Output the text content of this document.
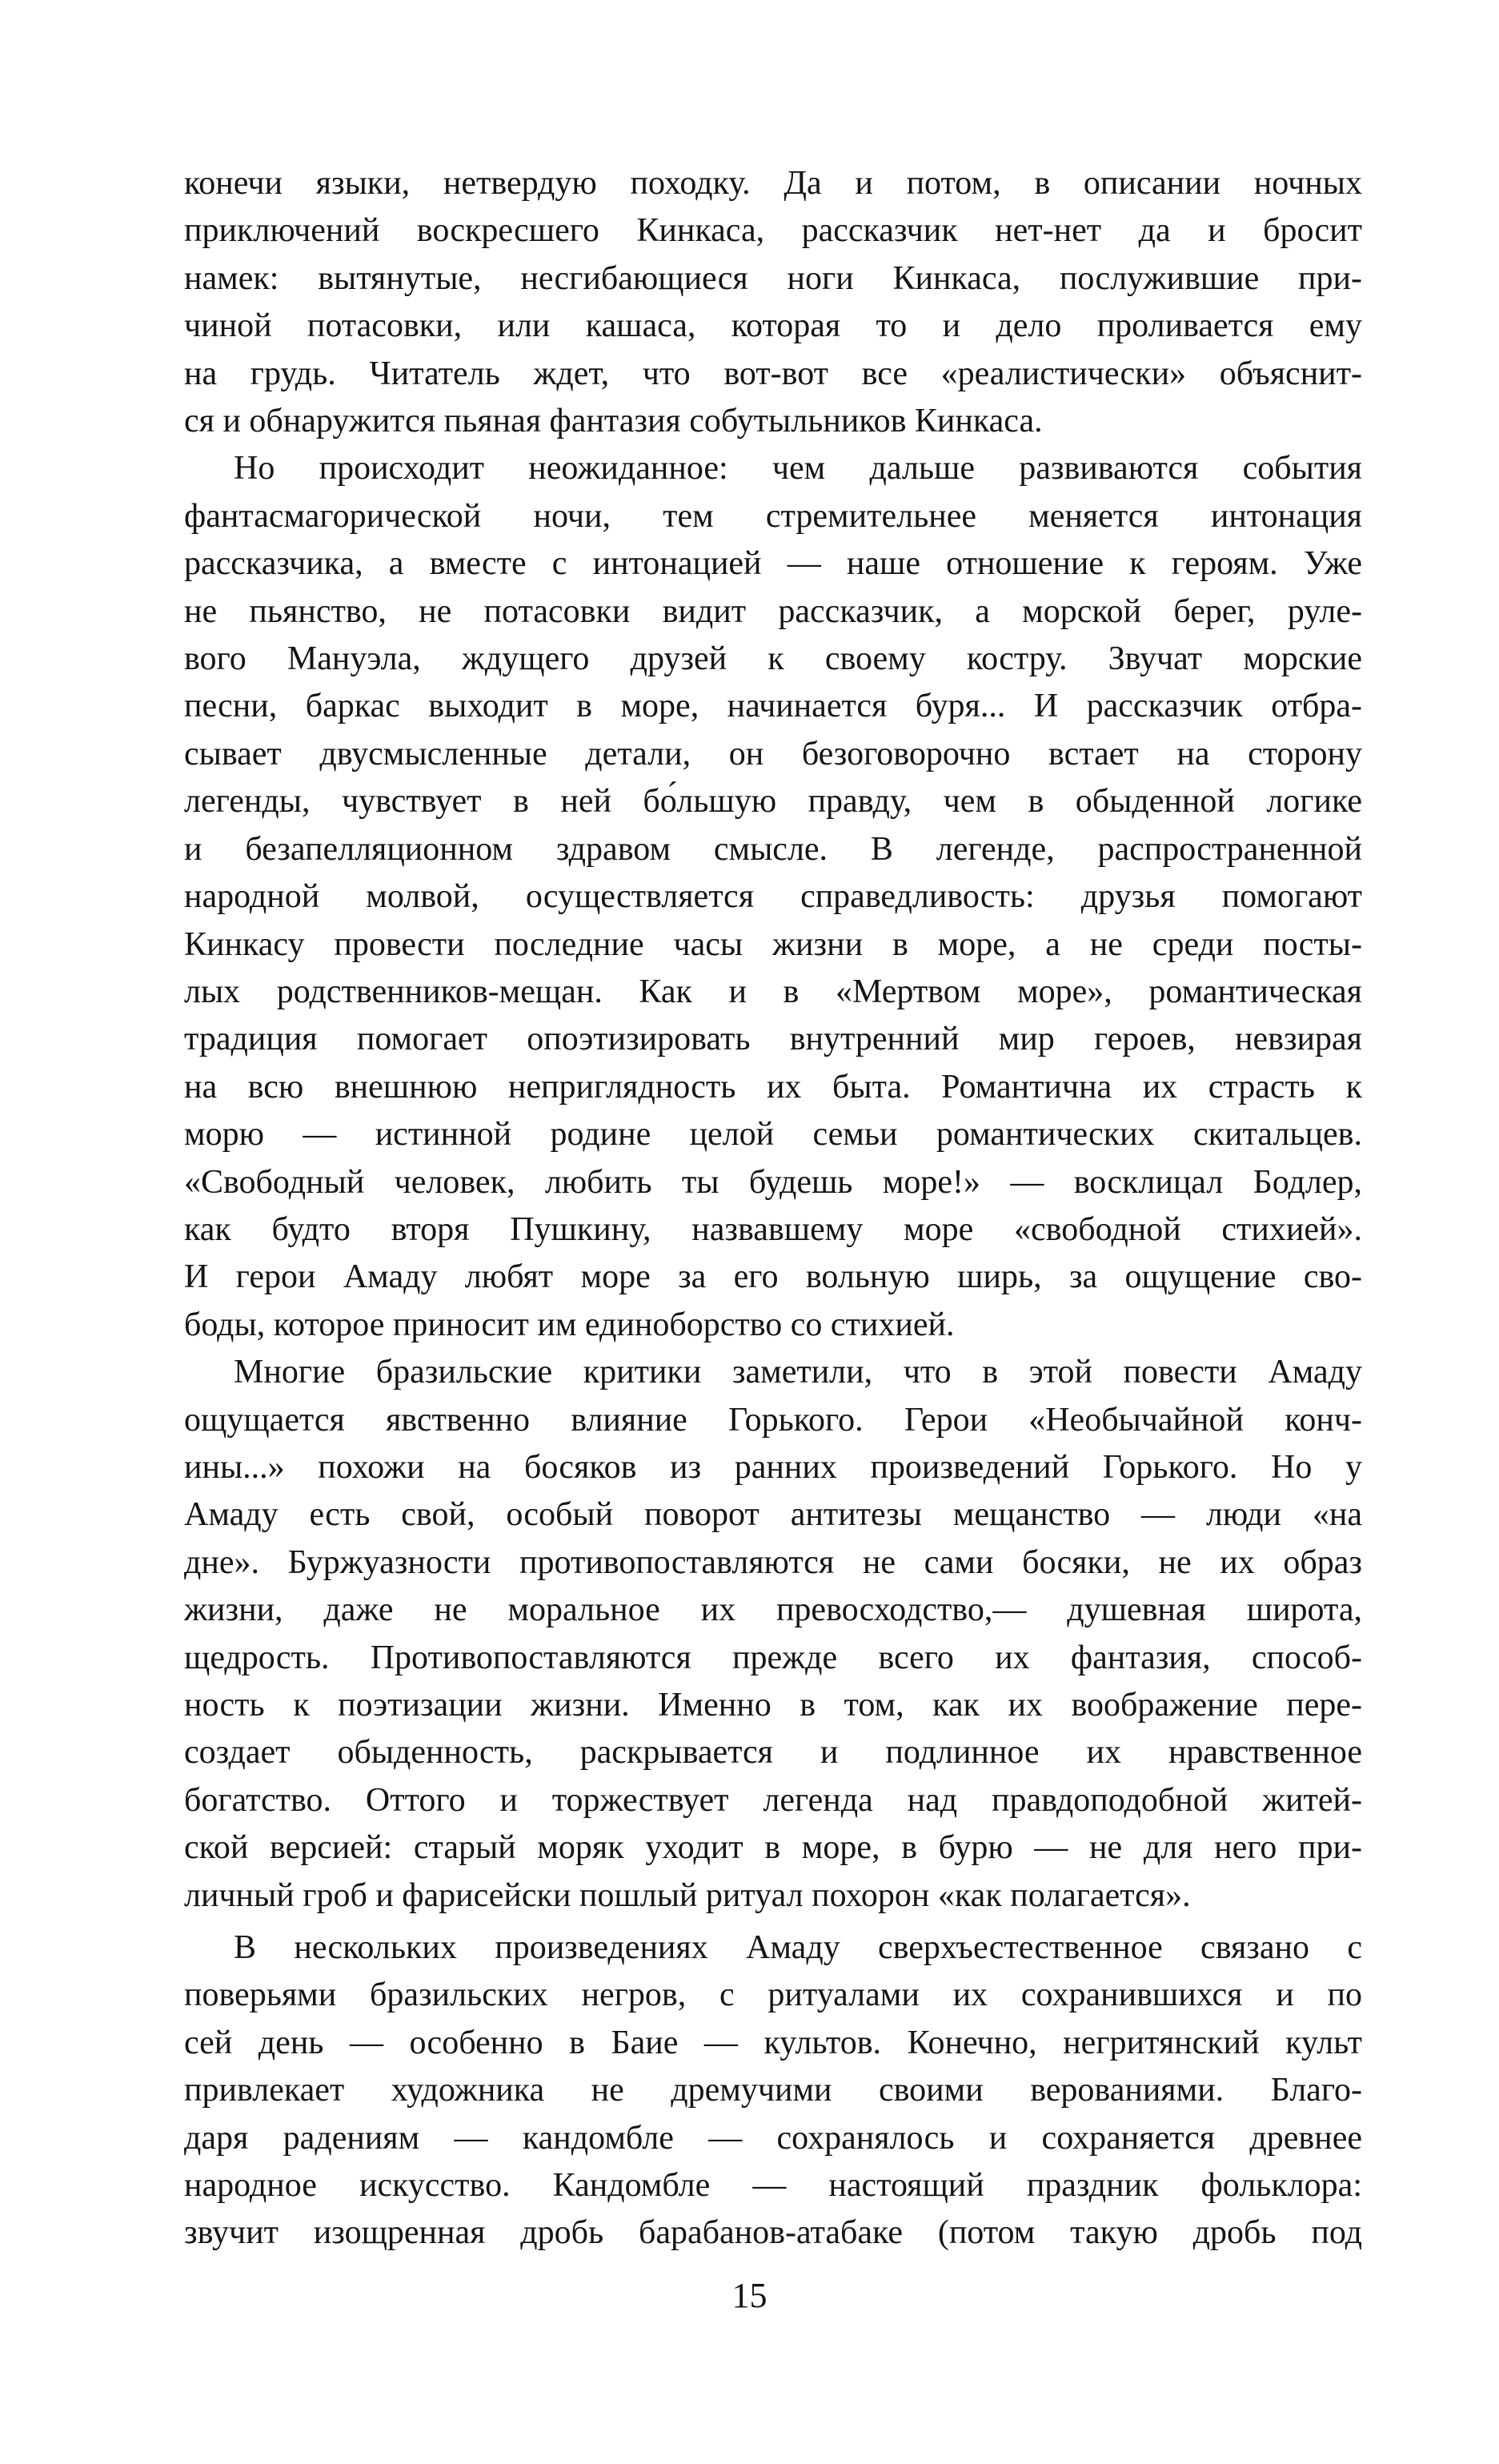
конечи языки, нетвердую походку. Да и потом, в описании ночных
приключений воскресшего Кинкаса, рассказчик нет-нет да и бросит
намек: вытянутые, несгибающиеся ноги Кинкаса, послужившие при-
чиной потасовки, или кашаса, которая то и дело проливается ему
на грудь. Читатель ждет, что вот-вот все «реалистически» объяснит-
ся и обнаружится пьяная фантазия собутыльников Кинкаса.

Но происходит неожиданное: чем дальше развиваются события
фантасмагорической ночи, тем стремительнее меняется интонация
рассказчика, а вместе с интонацией — наше отношение к героям. Уже
не пьянство, не потасовки видит рассказчик, а морской берег, руле-
вого Мануэла, ждущего друзей к своему костру. Звучат морские
песни, баркас выходит в море, начинается буря... И рассказчик отбра-
сывает двусмысленные детали, он безоговорочно встает на сторону
легенды, чувствует в ней бо́льшую правду, чем в обыденной логике
и безапелляционном здравом смысле. В легенде, распространенной
народной молвой, осуществляется справедливость: друзья помогают
Кинкасу провести последние часы жизни в море, а не среди посты-
лых родственников-мещан. Как и в «Мертвом море», романтическая
традиция помогает опоэтизировать внутренний мир героев, невзирая
на всю внешнюю неприглядность их быта. Романтична их страсть к
морю — истинной родине целой семьи романтических скитальцев.
«Свободный человек, любить ты будешь море!» — восклицал Бодлер,
как будто вторя Пушкину, назвавшему море «свободной стихией».
И герои Амаду любят море за его вольную ширь, за ощущение сво-
боды, которое приносит им единоборство со стихией.

Многие бразильские критики заметили, что в этой повести Амаду
ощущается явственно влияние Горького. Герои «Необычайной конч-
ины...» похожи на босяков из ранних произведений Горького. Но у
Амаду есть свой, особый поворот антитезы мещанство — люди «на
дне». Буржуазности противопоставляются не сами босяки, не их образ
жизни, даже не моральное их превосходство,— душевная широта,
щедрость. Противопоставляются прежде всего их фантазия, способ-
ность к поэтизации жизни. Именно в том, как их воображение пере-
создает обыденность, раскрывается и подлинное их нравственное
богатство. Оттого и торжествует легенда над правдоподобной житей-
ской версией: старый моряк уходит в море, в бурю — не для него при-
личный гроб и фарисейски пошлый ритуал похорон «как полагается».

В нескольких произведениях Амаду сверхъестественное связано с
поверьями бразильских негров, с ритуалами их сохранившихся и по
сей день — особенно в Баие — культов. Конечно, негритянский культ
привлекает художника не дремучими своими верованиями. Благо-
даря радениям — кандомбле — сохранялось и сохраняется древнее
народное искусство. Кандомбле — настоящий праздник фольклора:
звучит изощренная дробь барабанов-атабаке (потом такую дробь под

15
